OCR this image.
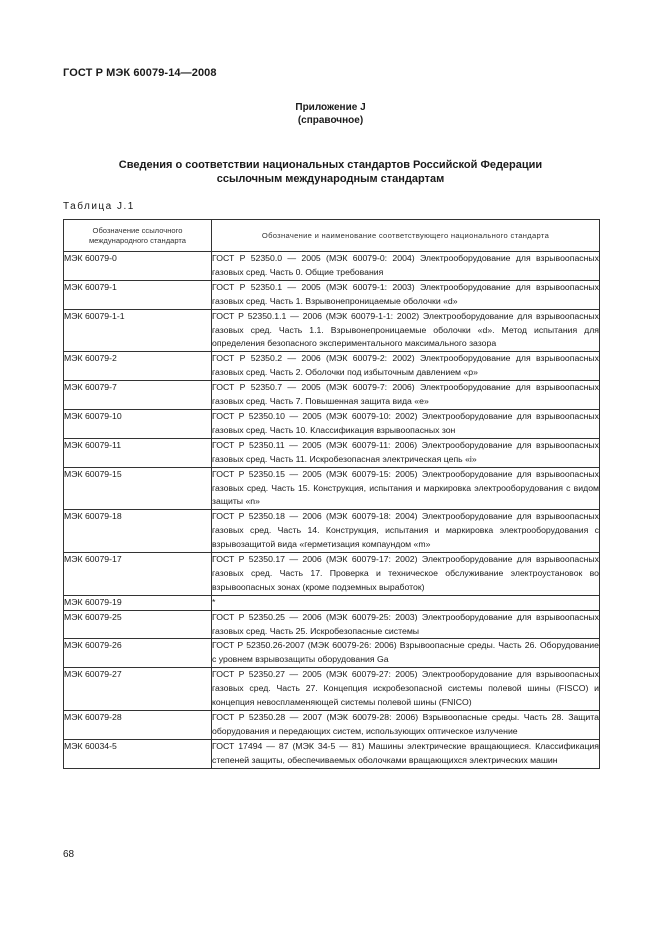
ГОСТ Р МЭК 60079-14—2008
Приложение J
(справочное)
Сведения о соответствии национальных стандартов Российской Федерации
ссылочным международным стандартам
Таблица J.1
Обозначение ссылочного международного стандарта	Обозначение и наименование соответствующего национального стандарта
МЭК 60079-0	ГОСТ Р 52350.0 — 2005 (МЭК 60079-0: 2004) Электрооборудование для взрывоопасных газовых сред. Часть 0. Общие требования
МЭК 60079-1	ГОСТ Р 52350.1 — 2005 (МЭК 60079-1: 2003) Электрооборудование для взрывоопасных газовых сред. Часть 1. Взрывонепроницаемые оболочки «d»
МЭК 60079-1-1	ГОСТ Р 52350.1.1 — 2006 (МЭК 60079-1-1: 2002) Электрооборудование для взрывоопасных газовых сред. Часть 1.1. Взрывонепроницаемые оболочки «d». Метод испытания для определения безопасного экспериментального максимального зазора
МЭК 60079-2	ГОСТ Р 52350.2 — 2006 (МЭК 60079-2: 2002) Электрооборудование для взрывоопасных газовых сред. Часть 2. Оболочки под избыточным давлением «р»
МЭК 60079-7	ГОСТ Р 52350.7 — 2005 (МЭК 60079-7: 2006) Электрооборудование для взрывоопасных газовых сред. Часть 7. Повышенная защита вида «е»
МЭК 60079-10	ГОСТ Р 52350.10 — 2005 (МЭК 60079-10: 2002) Электрооборудование для взрывоопасных газовых сред. Часть 10. Классификация взрывоопасных зон
МЭК 60079-11	ГОСТ Р 52350.11 — 2005 (МЭК 60079-11: 2006) Электрооборудование для взрывоопасных газовых сред. Часть 11. Искробезопасная электрическая цепь «i»
МЭК 60079-15	ГОСТ Р 52350.15 — 2005 (МЭК 60079-15: 2005) Электрооборудование для взрывоопасных газовых сред. Часть 15. Конструкция, испытания и маркировка электрооборудования с видом защиты «n»
МЭК 60079-18	ГОСТ Р 52350.18 — 2006 (МЭК 60079-18: 2004) Электрооборудование для взрывоопасных газовых сред. Часть 14. Конструкция, испытания и маркировка электрооборудования с взрывозащитой вида «герметизация компаундом «m»
МЭК 60079-17	ГОСТ Р 52350.17 — 2006 (МЭК 60079-17: 2002) Электрооборудование для взрывоопасных газовых сред. Часть 17. Проверка и техническое обслуживание электроустановок во взрывоопасных зонах (кроме подземных выработок)
МЭК 60079-19	*
МЭК 60079-25	ГОСТ Р 52350.25 — 2006 (МЭК 60079-25: 2003) Электрооборудование для взрывоопасных газовых сред. Часть 25. Искробезопасные системы
МЭК 60079-26	ГОСТ Р 52350.26-2007 (МЭК 60079-26: 2006) Взрывоопасные среды. Часть 26. Оборудование с уровнем взрывозащиты оборудования Ga
МЭК 60079-27	ГОСТ Р 52350.27 — 2005 (МЭК 60079-27: 2005) Электрооборудование для взрывоопасных газовых сред. Часть 27. Концепция искробезопасной системы полевой шины (FISCO) и концепция невоспламеняющей системы полевой шины (FNICO)
МЭК 60079-28	ГОСТ Р 52350.28 — 2007 (МЭК 60079-28: 2006) Взрывоопасные среды. Часть 28. Защита оборудования и передающих систем, использующих оптическое излучение
МЭК 60034-5	ГОСТ 17494 — 87 (МЭК 34-5 — 81) Машины электрические вращающиеся. Классификация степеней защиты, обеспечиваемых оболочками вращающихся электрических машин
68
